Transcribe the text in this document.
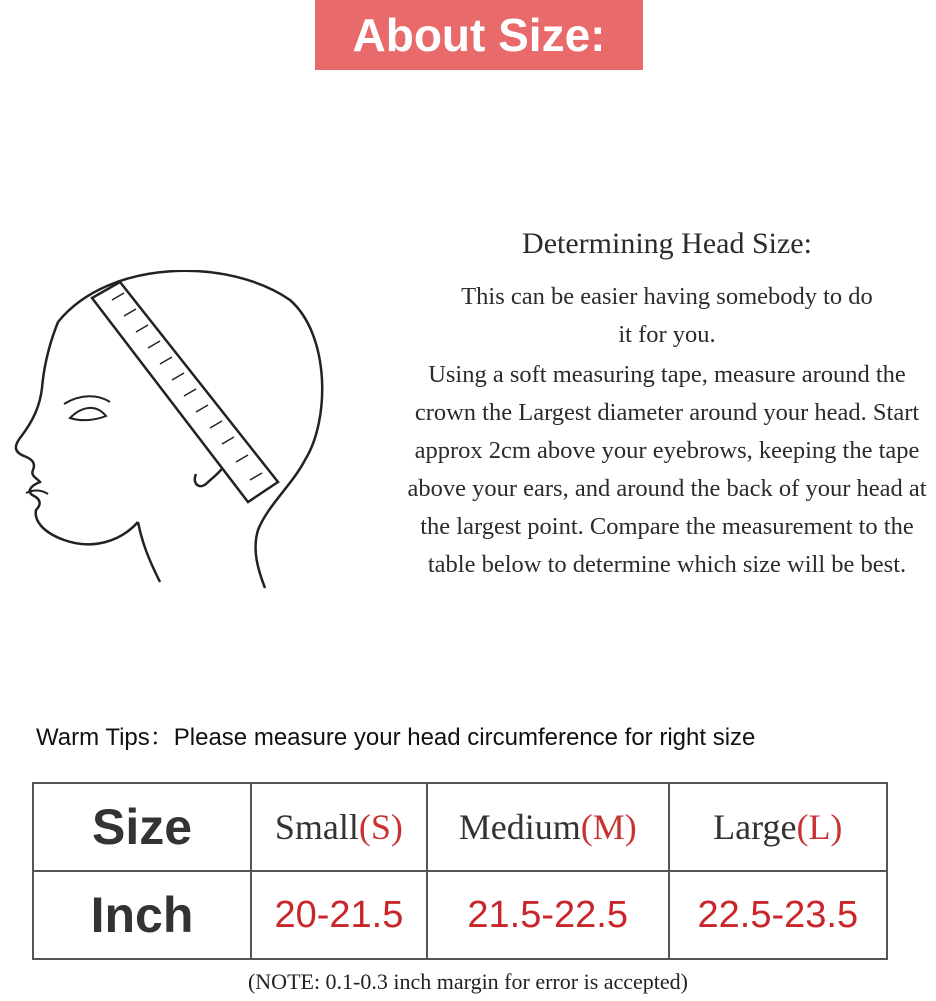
About Size:
Determining Head Size:

This can be easier having somebody to do it for you.

Using a soft measuring tape, measure around the crown the Largest diameter around your head. Start approx 2cm above your eyebrows, keeping the tape above your ears, and around the back of your head at the largest point. Compare the measurement to the table below to determine which size will be best.

Warm Tips：Please measure your head circumference for right size
Size	Small(S)	Medium(M)	Large(L)
Inch	20-21.5	21.5-22.5	22.5-23.5
(NOTE: 0.1-0.3 inch margin for error is accepted)
